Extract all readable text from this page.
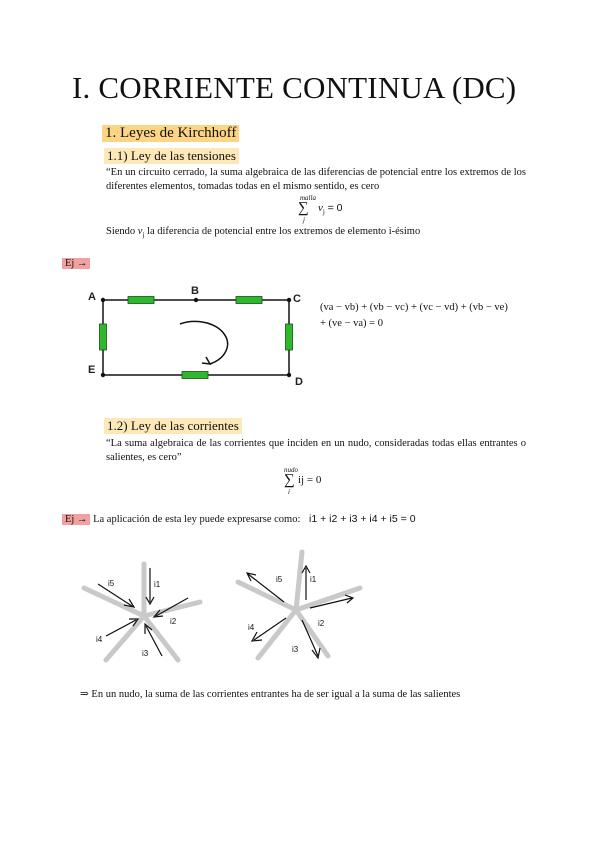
I. CORRIENTE CONTINUA (DC)
1. Leyes de Kirchhoff
1.1) Ley de las tensiones
“En un circuito cerrado, la suma algebraica de las diferencias de potencial entre los extremos de los diferentes elementos, tomadas todas en el mismo sentido, es cero
malla
∑
j
$v_j = 0$
Siendo $v_j$ la diferencia de potencial entre los extremos de elemento i-ésimo
Ej →
A	B
C
D
E
(va − vb) + (vb − vc) + (vc − vd) + (vb − ve)
+ (ve − va) = 0
1.2) Ley de las corrientes
“La suma algebraica de las corrientes que inciden en un nudo, consideradas todas ellas entrantes o salientes, es cero”
nudo
∑
i
ij = 0
Ej → La aplicación de esta ley puede expresarse como: i1 + i2 + i3 + i4 + i5 = 0
i1
i2
i3
i4
i5	i1
i2
i3
i4
i5
⇒ En un nudo, la suma de las corrientes entrantes ha de ser igual a la suma de las salientes
